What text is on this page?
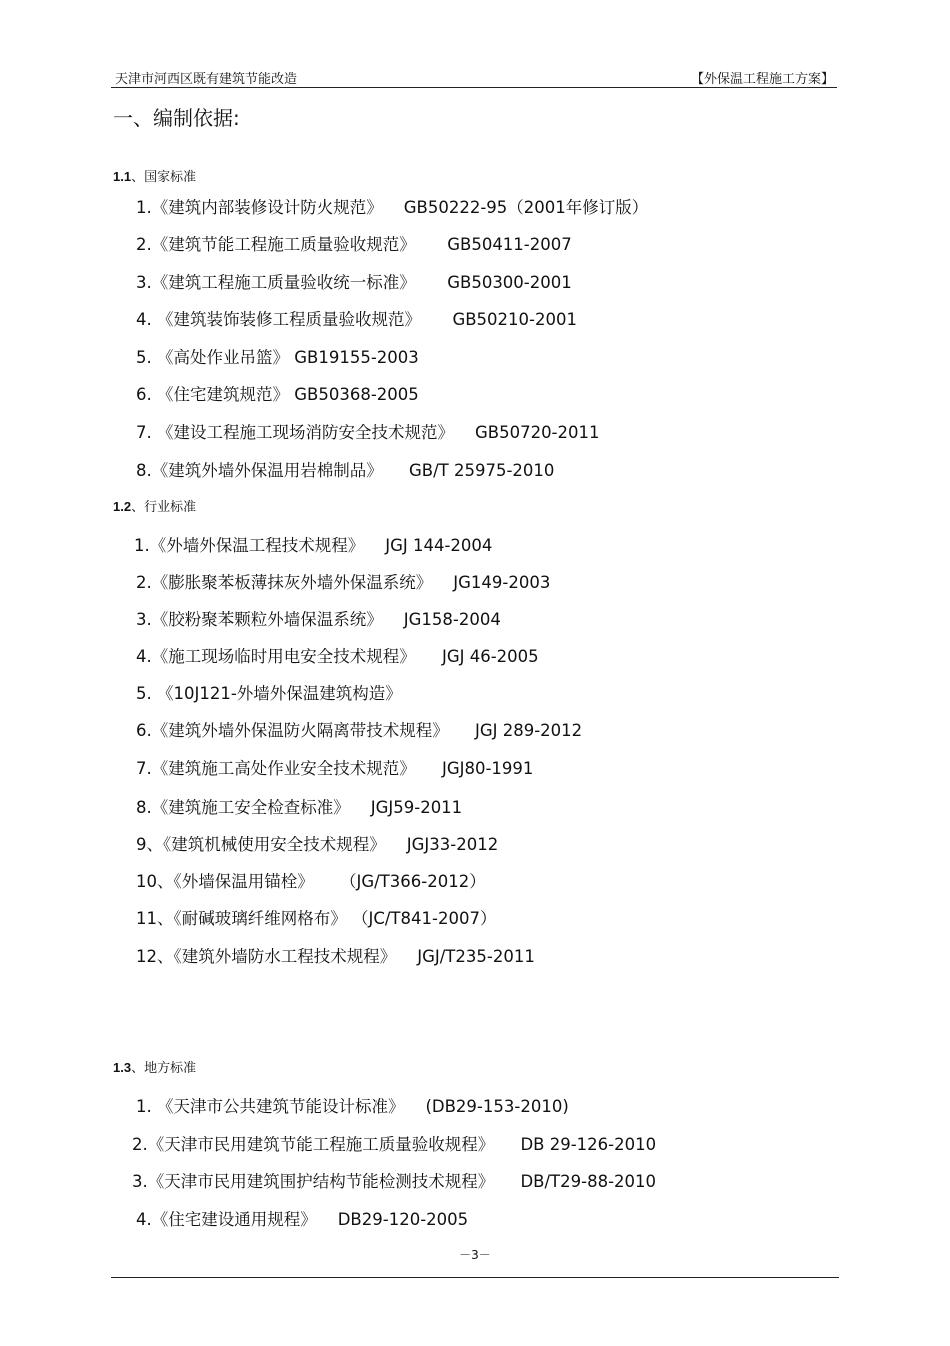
天津市河西区既有建筑节能改造	【外保温工程施工方案】
一、编制依据:
1.1、国家标准
1.《建筑内部装修设计防火规范》    GB50222-95（2001年修订版）
2.《建筑节能工程施工质量验收规范》      GB50411-2007
3.《建筑工程施工质量验收统一标准》      GB50300-2001
4. 《建筑装饰装修工程质量验收规范》      GB50210-2001
5. 《高处作业吊篮》 GB19155-2003
6. 《住宅建筑规范》 GB50368-2005
7. 《建设工程施工现场消防安全技术规范》    GB50720-2011
8.《建筑外墙外保温用岩棉制品》     GB/T 25975-2010
1.2、行业标准
1.《外墙外保温工程技术规程》    JGJ 144-2004
2.《膨胀聚苯板薄抹灰外墙外保温系统》    JG149-2003
3.《胶粉聚苯颗粒外墙保温系统》    JG158-2004
4.《施工现场临时用电安全技术规程》     JGJ 46-2005
5. 《10J121-外墙外保温建筑构造》
6.《建筑外墙外保温防火隔离带技术规程》     JGJ 289-2012
7.《建筑施工高处作业安全技术规范》     JGJ80-1991
8.《建筑施工安全检查标准》    JGJ59-2011
9、《建筑机械使用安全技术规程》    JGJ33-2012
10、《外墙保温用锚栓》     （JG/T366-2012）
11、《耐碱玻璃纤维网格布》 （JC/T841-2007）
12、《建筑外墙防水工程技术规程》    JGJ/T235-2011
1.3、地方标准
1. 《天津市公共建筑节能设计标准》    (DB29-153-2010)
2.《天津市民用建筑节能工程施工质量验收规程》     DB 29-126-2010
3.《天津市民用建筑围护结构节能检测技术规程》     DB/T29-88-2010
4.《住宅建设通用规程》    DB29-120-2005
－3－
